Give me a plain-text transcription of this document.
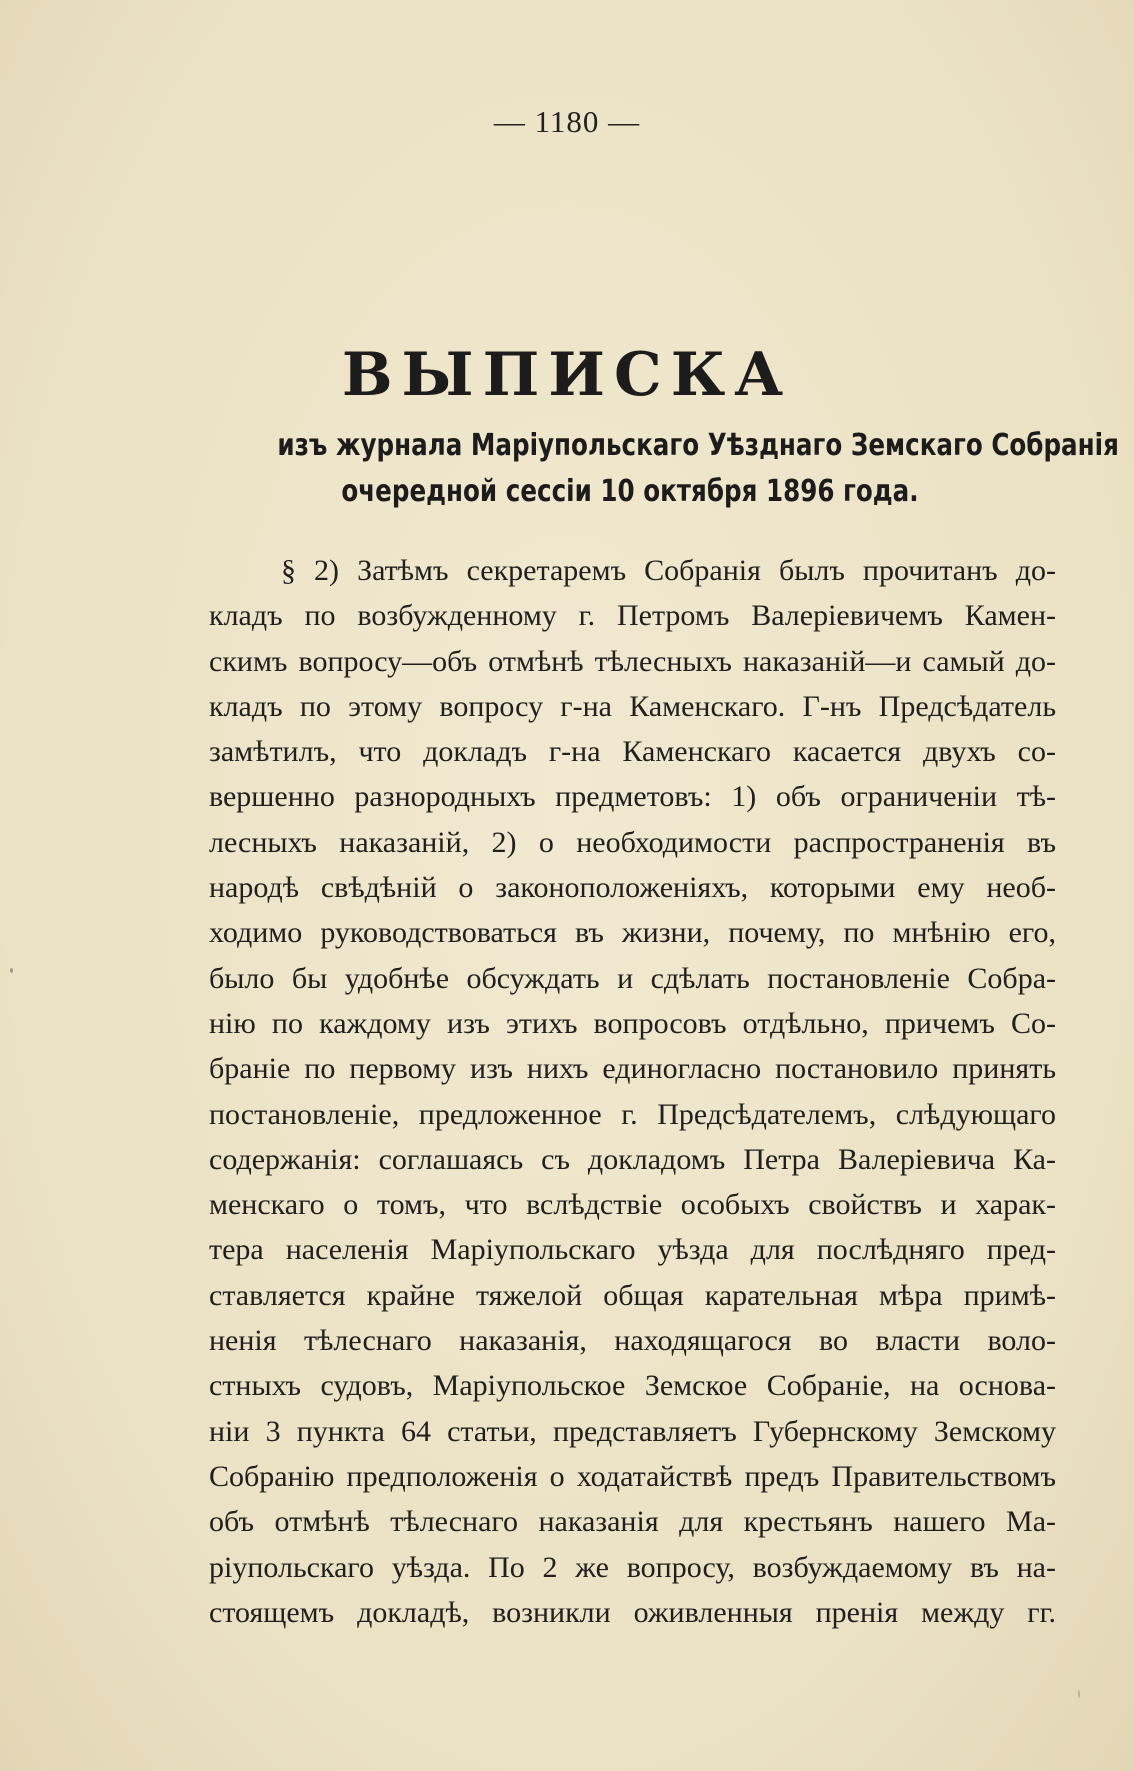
— 1180 —
ВЫПИСКА
изъ журнала Маріупольскаго Уѣзднаго Земскаго Собранія
очередной сессіи 10 октября 1896 года.
§ 2) Затѣмъ секретаремъ Собранія былъ прочитанъ до-
кладъ по возбужденному г. Петромъ Валеріевичемъ Камен-
скимъ вопросу—объ отмѣнѣ тѣлесныхъ наказаній—и самый до-
кладъ по этому вопросу г-на Каменскаго. Г-нъ Предсѣдатель
замѣтилъ, что докладъ г-на Каменскаго касается двухъ со-
вершенно разнородныхъ предметовъ: 1) объ ограниченіи тѣ-
лесныхъ наказаній, 2) о необходимости распространенія въ
народѣ свѣдѣній о законоположеніяхъ, которыми ему необ-
ходимо руководствоваться въ жизни, почему, по мнѣнію его,
было бы удобнѣе обсуждать и сдѣлать постановленіе Собра-
нію по каждому изъ этихъ вопросовъ отдѣльно, причемъ Со-
браніе по первому изъ нихъ единогласно постановило принять
постановленіе, предложенное г. Предсѣдателемъ, слѣдующаго
содержанія: соглашаясь съ докладомъ Петра Валеріевича Ка-
менскаго о томъ, что вслѣдствіе особыхъ свойствъ и харак-
тера населенія Маріупольскаго уѣзда для послѣдняго пред-
ставляется крайне тяжелой общая карательная мѣра примѣ-
ненія тѣлеснаго наказанія, находящагося во власти воло-
стныхъ судовъ, Маріупольское Земское Собраніе, на основа-
ніи 3 пункта 64 статьи, представляетъ Губернскому Земскому
Собранію предположенія о ходатайствѣ предъ Правительствомъ
объ отмѣнѣ тѣлеснаго наказанія для крестьянъ нашего Ма-
ріупольскаго уѣзда. По 2 же вопросу, возбуждаемому въ на-
стоящемъ докладѣ, возникли оживленныя пренія между гг.
